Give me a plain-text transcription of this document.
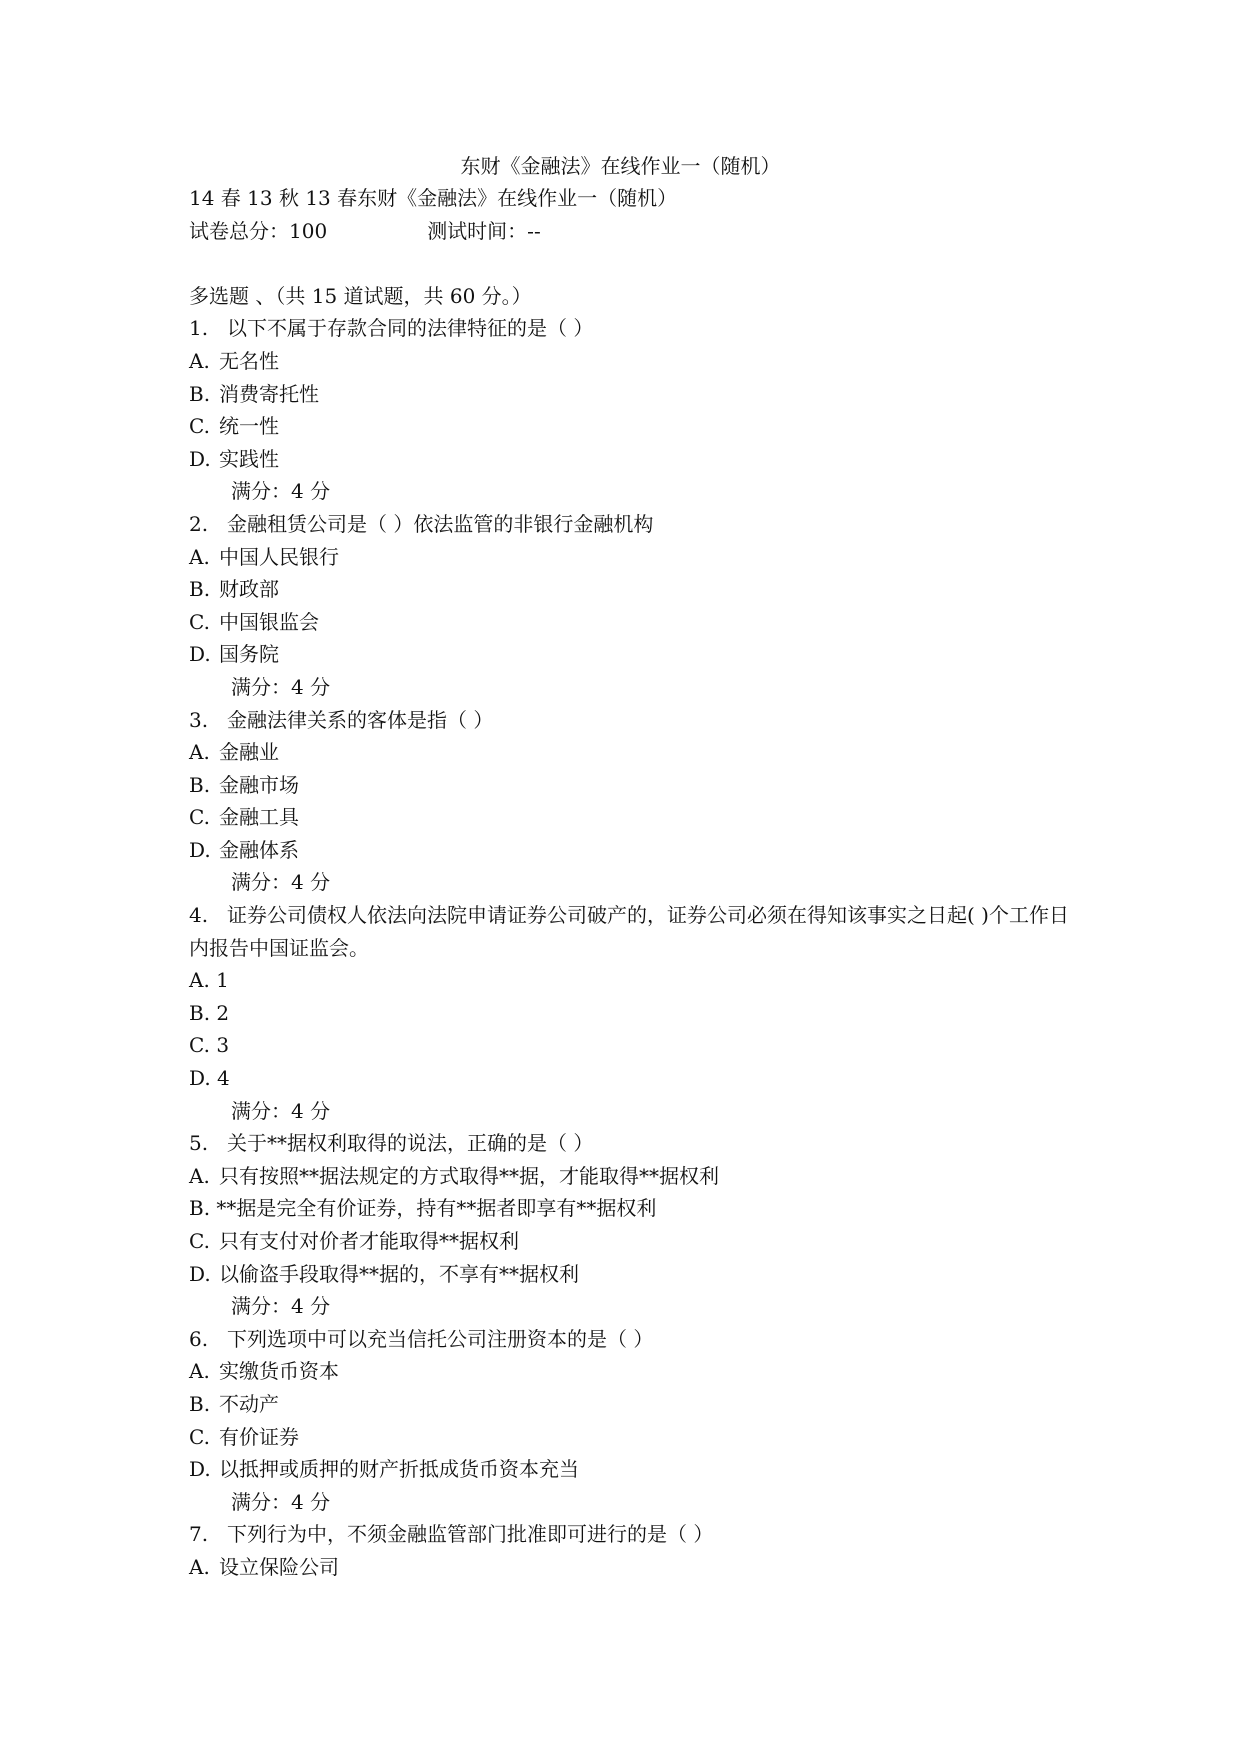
东财《金融法》在线作业一（随机）
14 春 13 秋 13 春东财《金融法》在线作业一（随机）
试卷总分：100	测试时间：--
多选题 、（共 15 道试题，共 60 分。）
1. 以下不属于存款合同的法律特征的是（ ）
A. 无名性
B. 消费寄托性
C. 统一性
D. 实践性
满分：4 分
2. 金融租赁公司是（ ）依法监管的非银行金融机构
A. 中国人民银行
B. 财政部
C. 中国银监会
D. 国务院
满分：4 分
3. 金融法律关系的客体是指（ ）
A. 金融业
B. 金融市场
C. 金融工具
D. 金融体系
满分：4 分
4. 证券公司债权人依法向法院申请证券公司破产的，证券公司必须在得知该事实之日起( )个工作日内报告中国证监会。
A. 1
B. 2
C. 3
D. 4
满分：4 分
5. 关于**据权利取得的说法，正确的是（ ）
A. 只有按照**据法规定的方式取得**据，才能取得**据权利
B. **据是完全有价证券，持有**据者即享有**据权利
C. 只有支付对价者才能取得**据权利
D. 以偷盗手段取得**据的，不享有**据权利
满分：4 分
6. 下列选项中可以充当信托公司注册资本的是（ ）
A. 实缴货币资本
B. 不动产
C. 有价证券
D. 以抵押或质押的财产折抵成货币资本充当
满分：4 分
7. 下列行为中，不须金融监管部门批准即可进行的是（ ）
A. 设立保险公司
